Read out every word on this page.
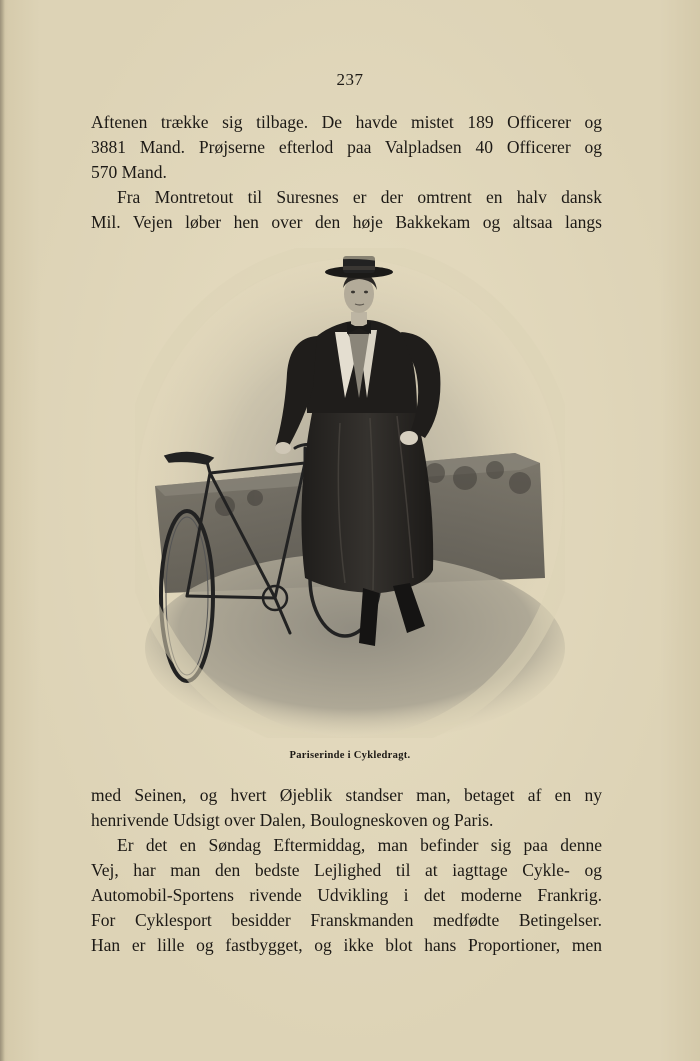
237
Aftenen trække sig tilbage. De havde mistet 189 Officerer og
3881 Mand. Prøjserne efterlod paa Valpladsen 40 Officerer og
570 Mand.
Fra Montretout til Suresnes er der omtrent en halv dansk
Mil. Vejen løber hen over den høje Bakkekam og altsaa langs
Pariserinde i Cykledragt.
med Seinen, og hvert Øjeblik standser man, betaget af en ny
henrivende Udsigt over Dalen, Boulogneskoven og Paris.
Er det en Søndag Eftermiddag, man befinder sig paa denne
Vej, har man den bedste Lejlighed til at iagttage Cykle- og
Automobil-Sportens rivende Udvikling i det moderne Frankrig.
For Cyklesport besidder Franskmanden medfødte Betingelser.
Han er lille og fastbygget, og ikke blot hans Proportioner, men
